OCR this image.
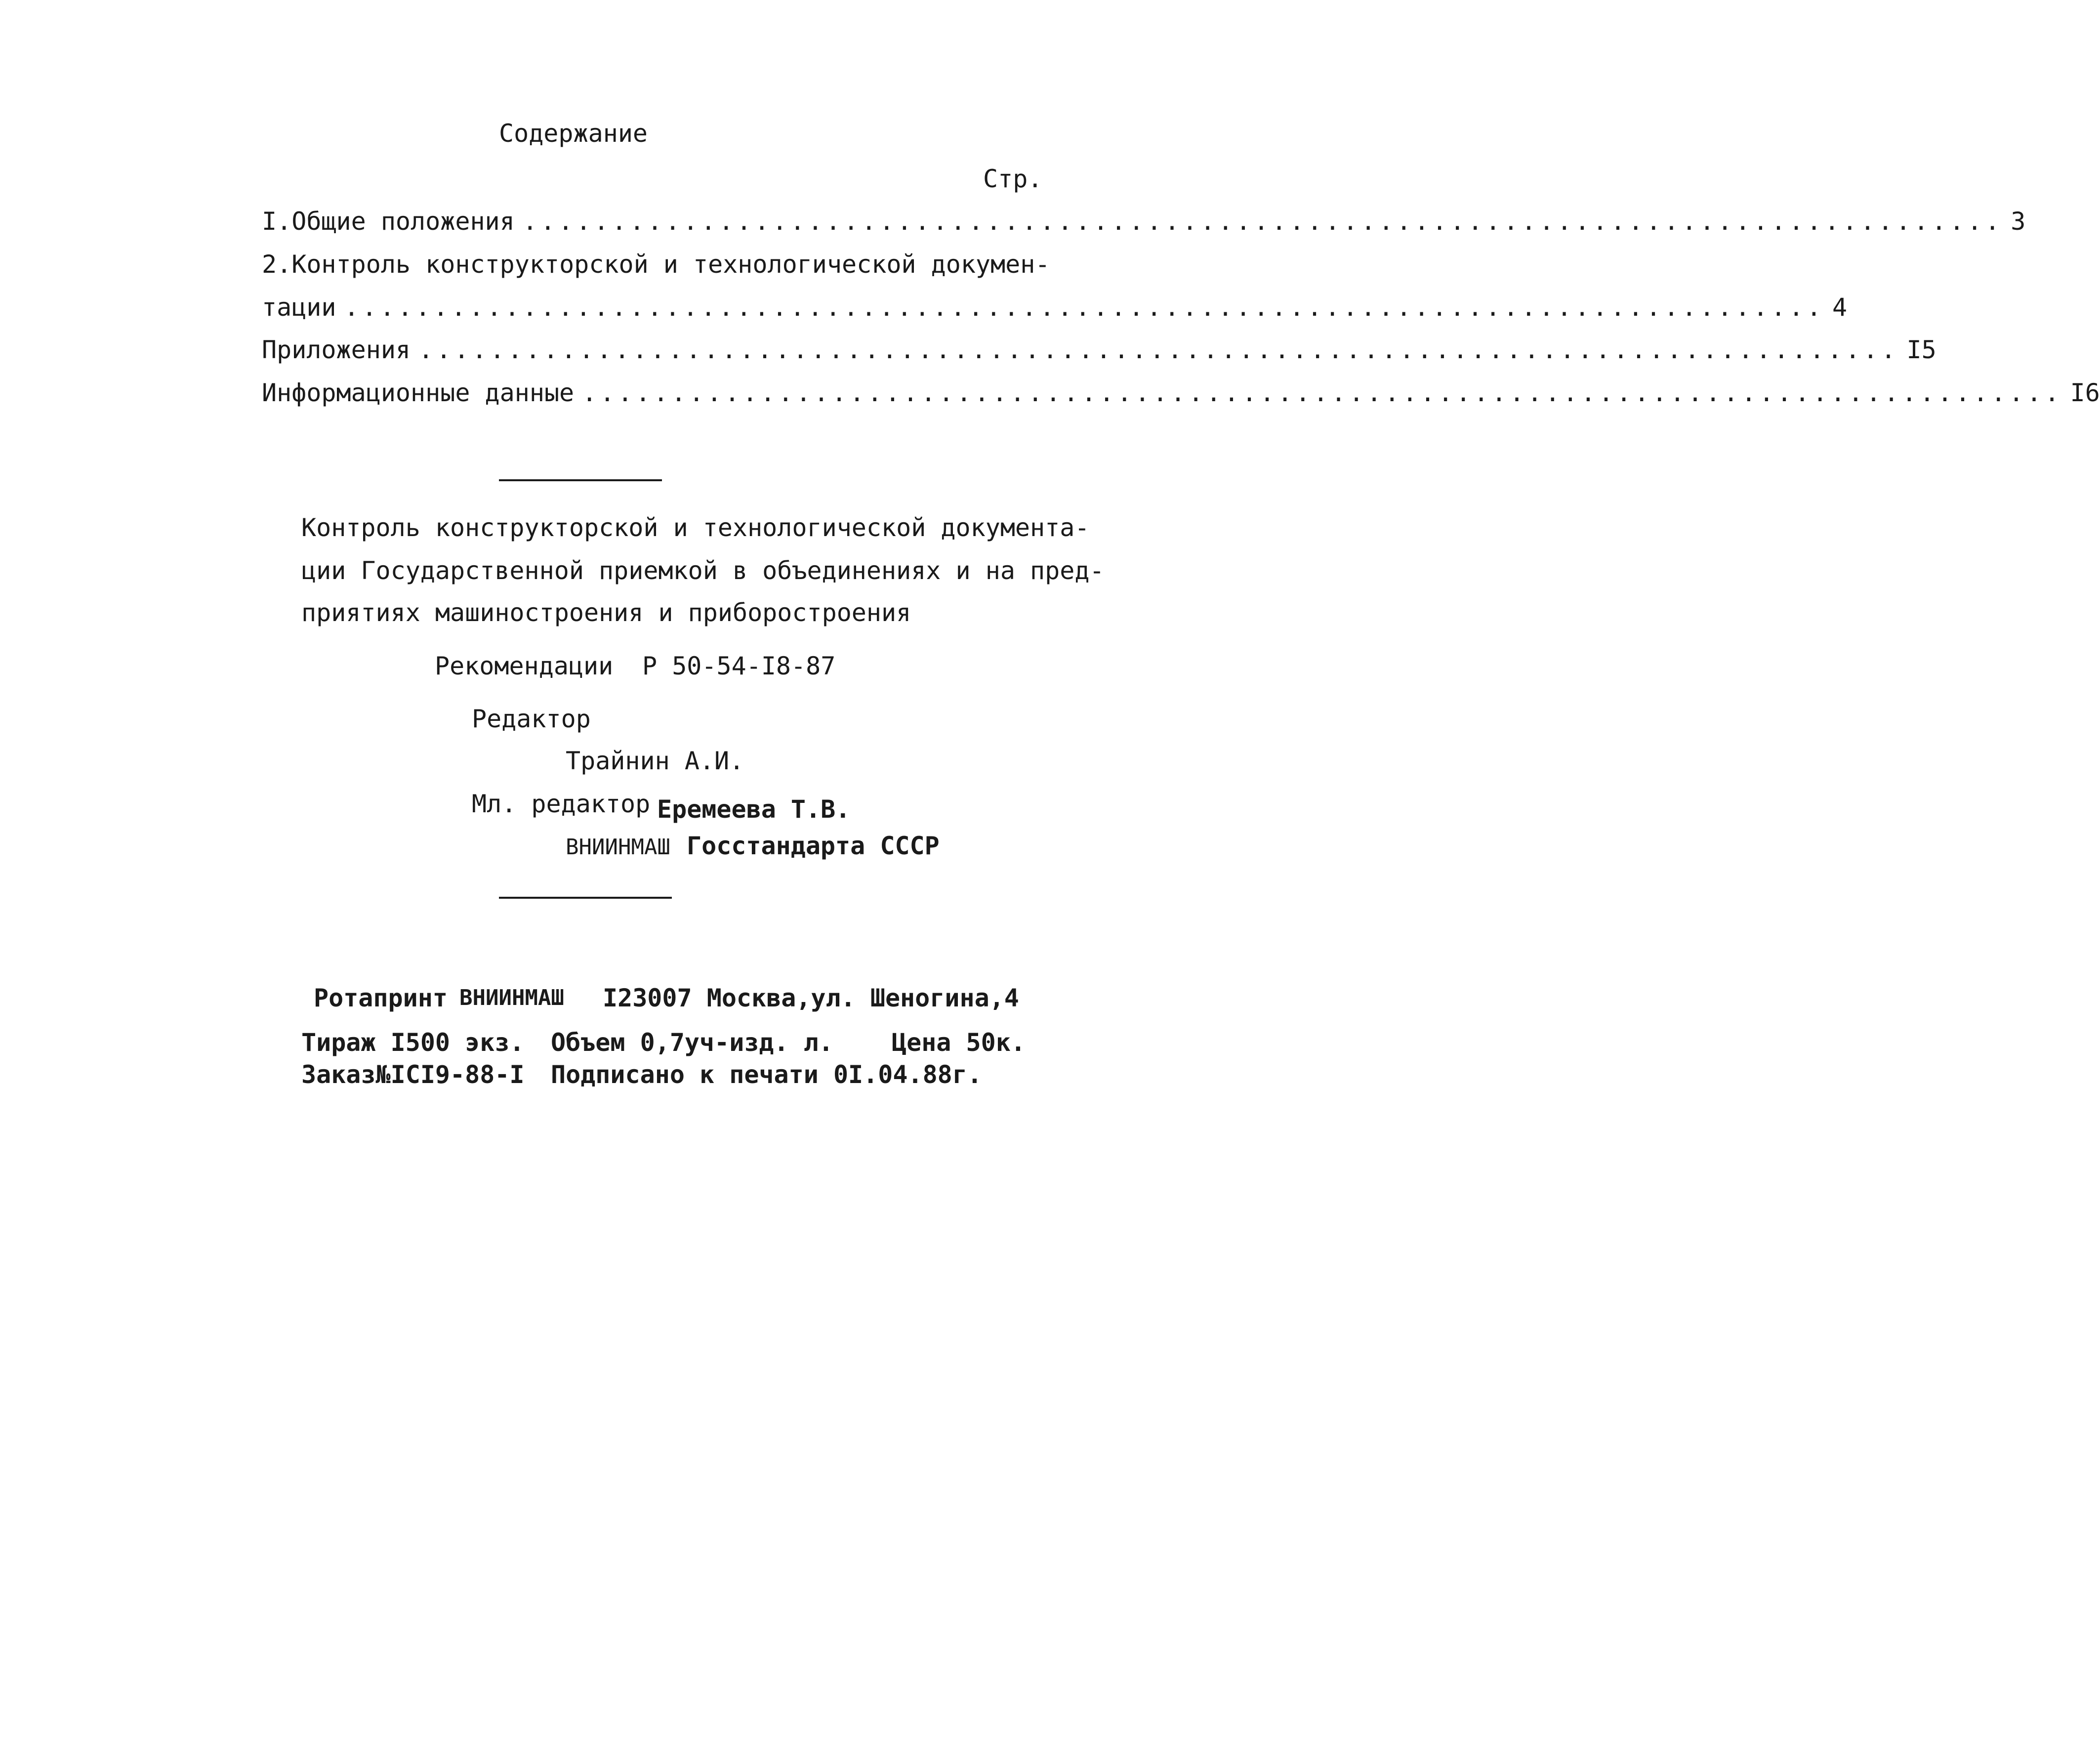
Содержание
Стр.
I. Общие положения ................................................................................... 3
2. Контроль конструкторской и технологической докумен-
тации ................................................................................... 4
Приложения ................................................................................... I5
Информационные данные ................................................................................... I6
Контроль конструкторской и технологической документа-
ции Государственной приемкой в объединениях и на пред-
приятиях машиностроения и приборостроения
Рекомендации Р 50-54-I8-87
Редактор
Трайнин А.И.
Мл. редактор Еремеева Т.В.
ВНИИНМАШ Госстандарта СССР
Ротапринт ВНИИНМАШ I23007 Москва,ул. Шеногина,4
Тираж I500 экз. Объем 0,7уч-изд. л. Цена 50к.
Заказ№IСI9-88-I Подписано к печати 0I.04.88г.
